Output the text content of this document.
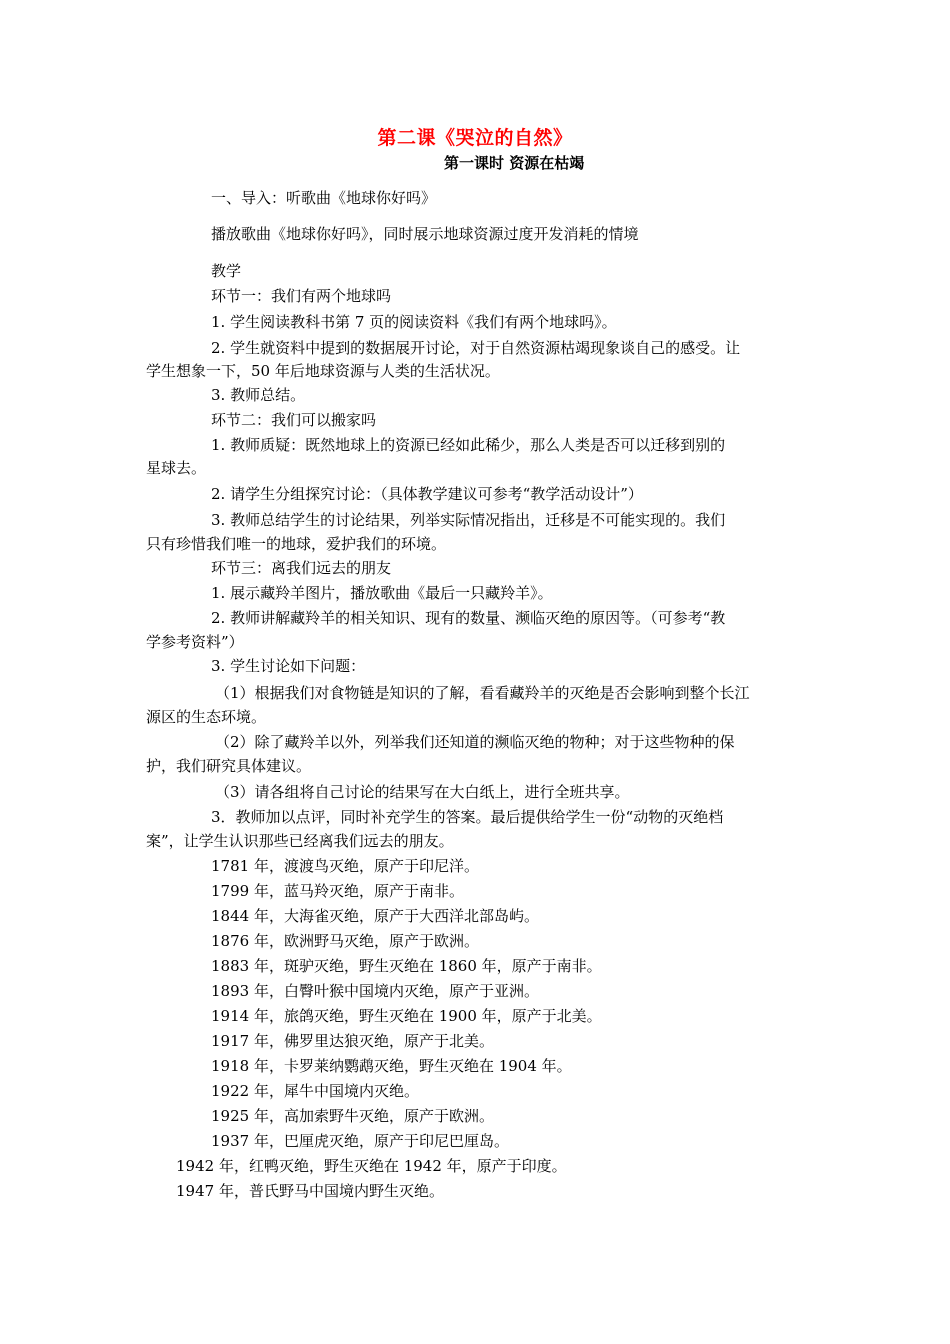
第二课《哭泣的自然》
第一课时 资源在枯竭
一、导入：听歌曲《地球你好吗》
播放歌曲《地球你好吗》，同时展示地球资源过度开发消耗的情境
教学
环节一：我们有两个地球吗
1. 学生阅读教科书第 7 页的阅读资料《我们有两个地球吗》。
2. 学生就资料中提到的数据展开讨论，对于自然资源枯竭现象谈自己的感受。让
学生想象一下，50 年后地球资源与人类的生活状况。
3. 教师总结。
环节二：我们可以搬家吗
1. 教师质疑：既然地球上的资源已经如此稀少，那么人类是否可以迁移到别的
星球去。
2. 请学生分组探究讨论：（具体教学建议可参考“教学活动设计”）
3. 教师总结学生的讨论结果，列举实际情况指出，迁移是不可能实现的。我们
只有珍惜我们唯一的地球，爱护我们的环境。
环节三：离我们远去的朋友
1. 展示藏羚羊图片，播放歌曲《最后一只藏羚羊》。
2. 教师讲解藏羚羊的相关知识、现有的数量、濒临灭绝的原因等。（可参考“教
学参考资料”）
3. 学生讨论如下问题：
（1）根据我们对食物链是知识的了解，看看藏羚羊的灭绝是否会影响到整个长江
源区的生态环境。
（2）除了藏羚羊以外，列举我们还知道的濒临灭绝的物种；对于这些物种的保
护，我们研究具体建议。
（3）请各组将自己讨论的结果写在大白纸上，进行全班共享。
3．教师加以点评，同时补充学生的答案。最后提供给学生一份“动物的灭绝档
案”，让学生认识那些已经离我们远去的朋友。
1781 年，渡渡鸟灭绝，原产于印尼洋。
1799 年，蓝马羚灭绝，原产于南非。
1844 年，大海雀灭绝，原产于大西洋北部岛屿。
1876 年，欧洲野马灭绝，原产于欧洲。
1883 年，斑驴灭绝，野生灭绝在 1860 年，原产于南非。
1893 年，白臀叶猴中国境内灭绝，原产于亚洲。
1914 年，旅鸽灭绝，野生灭绝在 1900 年，原产于北美。
1917 年，佛罗里达狼灭绝，原产于北美。
1918 年，卡罗莱纳鹦鹉灭绝，野生灭绝在 1904 年。
1922 年，犀牛中国境内灭绝。
1925 年，高加索野牛灭绝，原产于欧洲。
1937 年，巴厘虎灭绝，原产于印尼巴厘岛。
1942 年，红鸭灭绝，野生灭绝在 1942 年，原产于印度。
1947 年，普氏野马中国境内野生灭绝。
